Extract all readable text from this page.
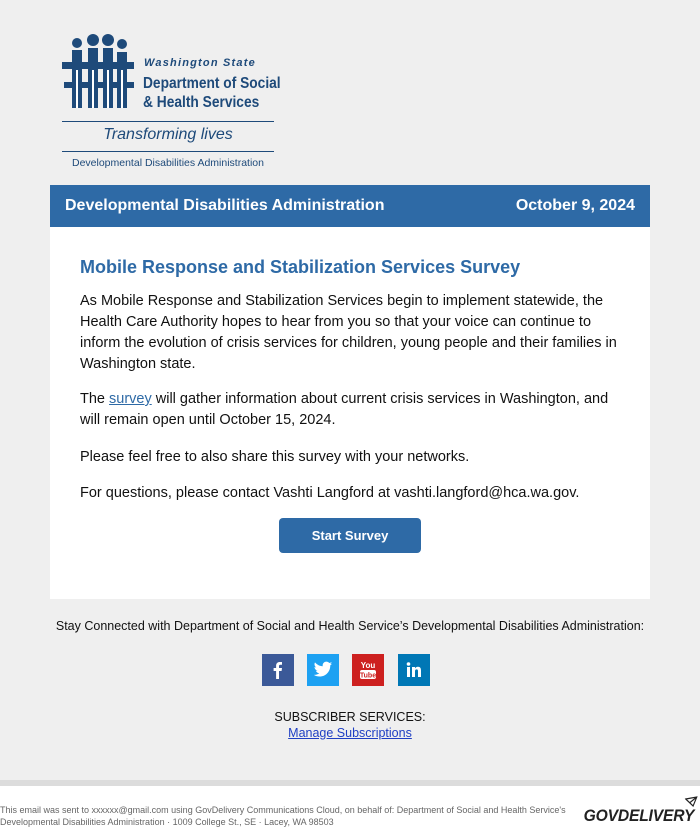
Washington State
Department of Social
& Health Services
Transforming lives
Developmental Disabilities Administration
Developmental Disabilities Administration	October 9, 2024
Mobile Response and Stabilization Services Survey
As Mobile Response and Stabilization Services begin to implement statewide, the Health Care Authority hopes to hear from you so that your voice can continue to inform the evolution of crisis services for children, young people and their families in Washington state.
The survey will gather information about current crisis services in Washington, and will remain open until October 15, 2024.
Please feel free to also share this survey with your networks.
For questions, please contact Vashti Langford at vashti.langford@hca.wa.gov.
Start Survey
Stay Connected with Department of Social and Health Service’s Developmental Disabilities Administration:
You
Tube
SUBSCRIBER SERVICES:
Manage Subscriptions
This email was sent to xxxxxx@gmail.com using GovDelivery Communications Cloud, on behalf of: Department of Social and Health Service's Developmental Disabilities Administration · 1009 College St., SE · Lacey, WA 98503	GOVDELIVERY
